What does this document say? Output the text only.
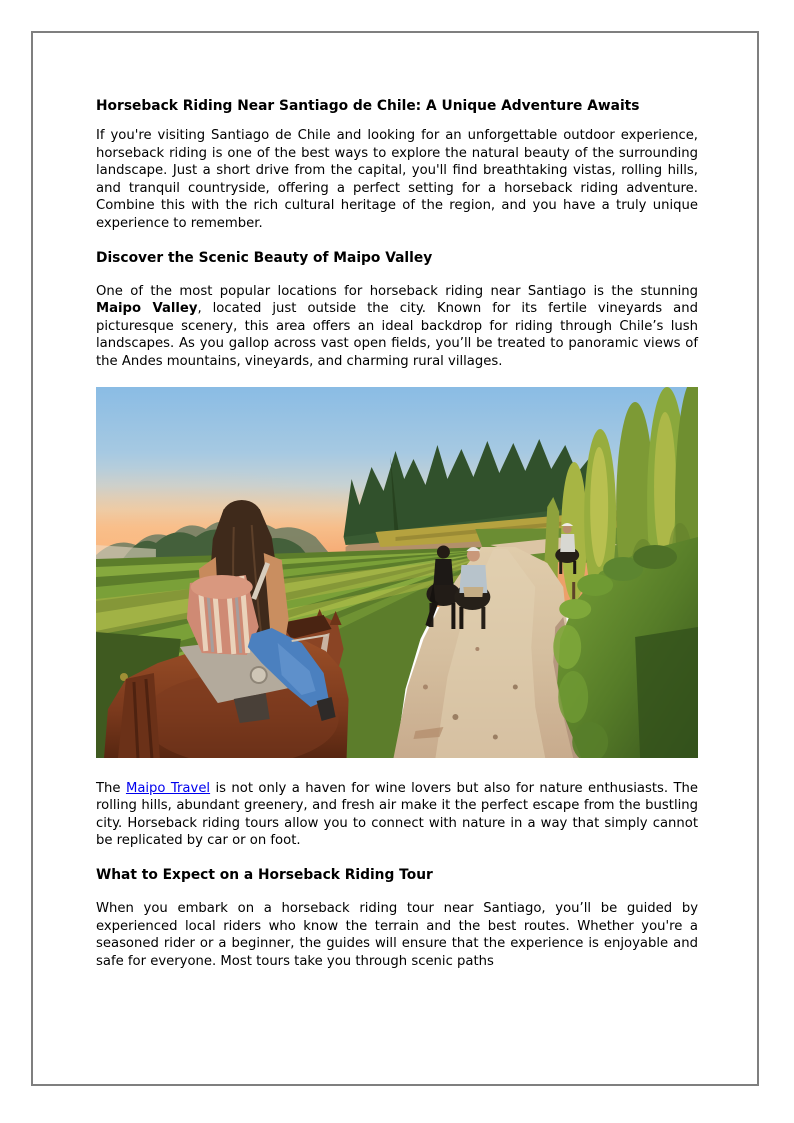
Horseback Riding Near Santiago de Chile: A Unique Adventure Awaits

If you're visiting Santiago de Chile and looking for an unforgettable outdoor experience, horseback riding is one of the best ways to explore the natural beauty of the surrounding landscape. Just a short drive from the capital, you'll find breathtaking vistas, rolling hills, and tranquil countryside, offering a perfect setting for a horseback riding adventure. Combine this with the rich cultural heritage of the region, and you have a truly unique experience to remember.

Discover the Scenic Beauty of Maipo Valley

One of the most popular locations for horseback riding near Santiago is the stunning Maipo Valley, located just outside the city. Known for its fertile vineyards and picturesque scenery, this area offers an ideal backdrop for riding through Chile’s lush landscapes. As you gallop across vast open fields, you’ll be treated to panoramic views of the Andes mountains, vineyards, and charming rural villages.

The Maipo Travel is not only a haven for wine lovers but also for nature enthusiasts. The rolling hills, abundant greenery, and fresh air make it the perfect escape from the bustling city. Horseback riding tours allow you to connect with nature in a way that simply cannot be replicated by car or on foot.

What to Expect on a Horseback Riding Tour

When you embark on a horseback riding tour near Santiago, you’ll be guided by experienced local riders who know the terrain and the best routes. Whether you're a seasoned rider or a beginner, the guides will ensure that the experience is enjoyable and safe for everyone. Most tours take you through scenic paths
